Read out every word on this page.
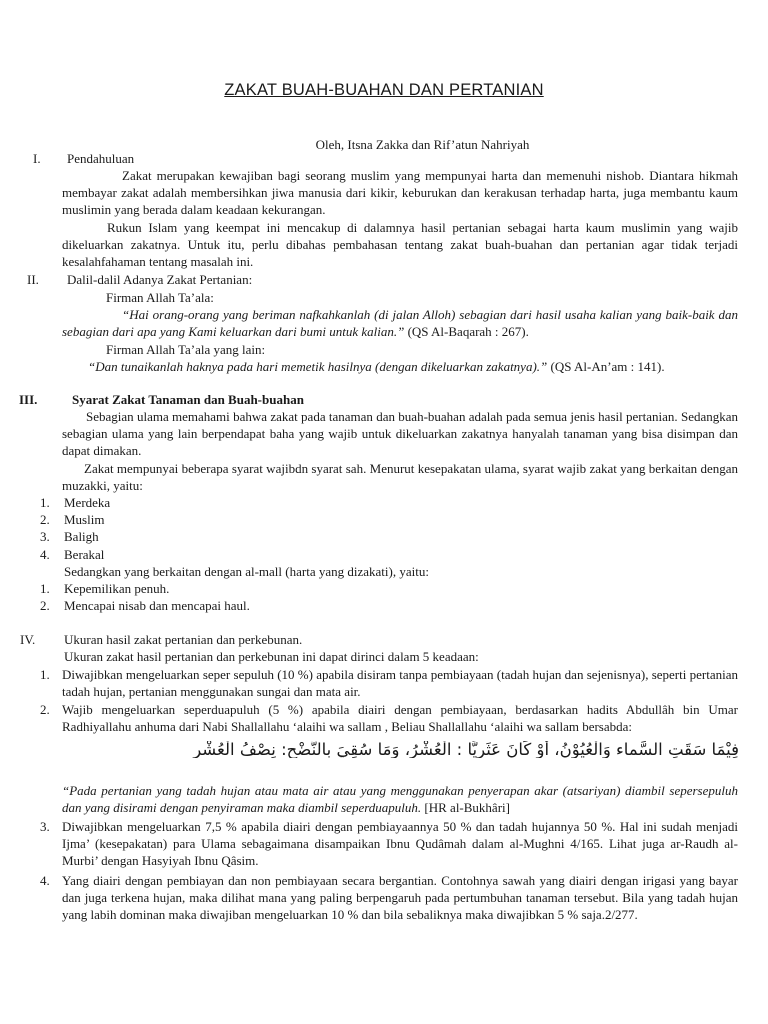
ZAKAT BUAH-BUAHAN DAN PERTANIAN
Oleh, Itsna Zakka dan Rif’atun Nahriyah
I. Pendahuluan
Zakat merupakan kewajiban bagi seorang muslim yang mempunyai harta dan memenuhi nishob. Diantara hikmah membayar zakat adalah membersihkan jiwa manusia dari kikir, keburukan dan kerakusan terhadap harta, juga membantu kaum muslimin yang berada dalam keadaan kekurangan.
Rukun Islam yang keempat ini mencakup di dalamnya hasil pertanian sebagai harta kaum muslimin yang wajib dikeluarkan zakatnya. Untuk itu, perlu dibahas pembahasan tentang zakat buah-buahan dan pertanian agar tidak terjadi kesalahfahaman tentang masalah ini.
II. Dalil-dalil Adanya Zakat Pertanian:
Firman Allah Ta’ala:
“Hai orang-orang yang beriman nafkahkanlah (di jalan Alloh) sebagian dari hasil usaha kalian yang baik-baik dan sebagian dari apa yang Kami keluarkan dari bumi untuk kalian.” (QS Al-Baqarah : 267).
Firman Allah Ta’ala yang lain:
“Dan tunaikanlah haknya pada hari memetik hasilnya (dengan dikeluarkan zakatnya).” (QS Al-An’am : 141).
III.	Syarat Zakat Tanaman dan Buah-buahan
Sebagian ulama memahami bahwa zakat pada tanaman dan buah-buahan adalah pada semua jenis hasil pertanian. Sedangkan sebagian ulama yang lain berpendapat baha yang wajib untuk dikeluarkan zakatnya hanyalah tanaman yang bisa disimpan dan dapat dimakan.
Zakat mempunyai beberapa syarat wajibdn syarat sah. Menurut kesepakatan ulama, syarat wajib zakat yang berkaitan dengan muzakki, yaitu:
1. Merdeka
2. Muslim
3. Baligh
4. Berakal
Sedangkan yang berkaitan dengan al-mall (harta yang dizakati), yaitu:
1. Kepemilikan penuh.
2. Mencapai nisab dan mencapai haul.
IV. Ukuran hasil zakat pertanian dan perkebunan.
Ukuran zakat hasil pertanian dan perkebunan ini dapat dirinci dalam 5 keadaan:
1. Diwajibkan mengeluarkan seper sepuluh (10 %) apabila disiram tanpa pembiayaan (tadah hujan dan sejenisnya), seperti pertanian tadah hujan, pertanian menggunakan sungai dan mata air.
2. Wajib mengeluarkan seperduapuluh (5 %) apabila diairi dengan pembiayaan, berdasarkan hadits Abdullâh bin Umar Radhiyallahu anhuma dari Nabi Shallallahu ‘alaihi wa sallam , Beliau Shallallahu ‘alaihi wa sallam bersabda:
فِيْمَا سَقَتِ السَّماء وَالْعُيُوْنُ، أَوْ كَانَ عَثَرِيًّا : الْعُشْرُ، وَمَا سُقِيَ بِالنَّضْحِ: نِصْفُ الْعُشْرِ
“Pada pertanian yang tadah hujan atau mata air atau yang menggunakan penyerapan akar (atsariyan) diambil sepersepuluh dan yang disirami dengan penyiraman maka diambil seperduapuluh. [HR al-Bukhâri]
3. Diwajibkan mengeluarkan 7,5 % apabila diairi dengan pembiayaannya 50 % dan tadah hujannya 50 %. Hal ini sudah menjadi Ijma’ (kesepakatan) para Ulama sebagaimana disampaikan Ibnu Qudâmah dalam al-Mughni 4/165. Lihat juga ar-Raudh al-Murbi’ dengan Hasyiyah Ibnu Qâsim.
4. Yang diairi dengan pembiayan dan non pembiayaan secara bergantian. Contohnya sawah yang diairi dengan irigasi yang bayar dan juga terkena hujan, maka dilihat mana yang paling berpengaruh pada pertumbuhan tanaman tersebut. Bila yang tadah hujan yang labih dominan maka diwajiban mengeluarkan 10 % dan bila sebaliknya maka diwajibkan 5 % saja.2/277.
